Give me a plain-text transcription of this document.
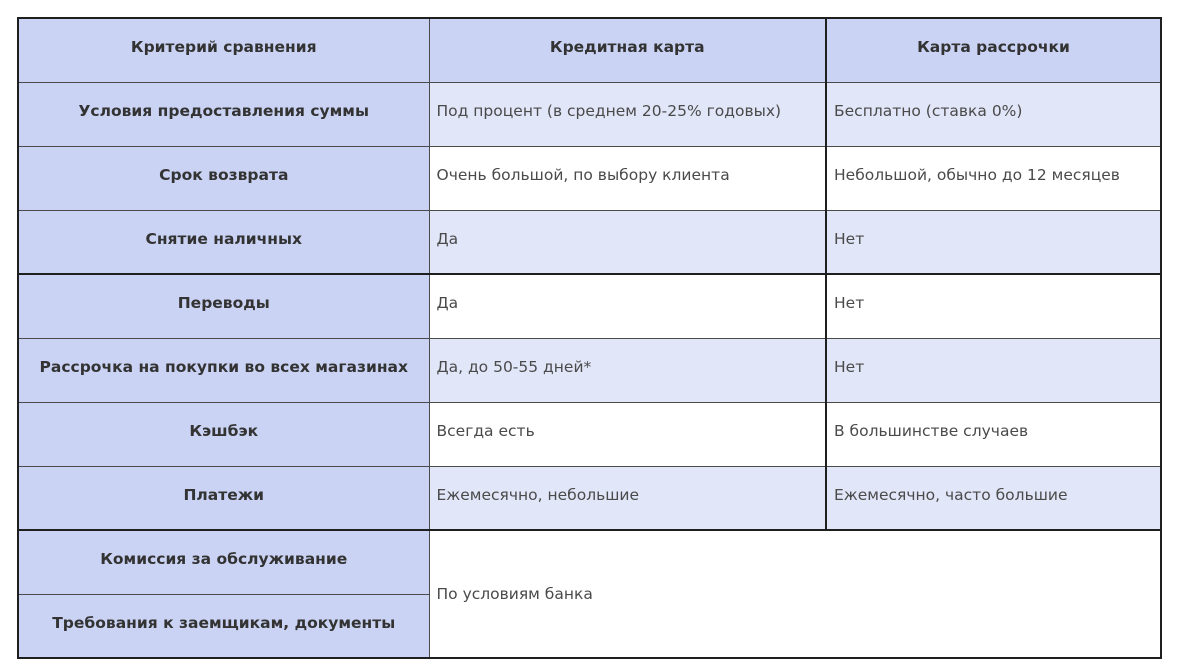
Критерий сравнения	Кредитная карта	Карта рассрочки
Условия предоставления суммы	Под процент (в среднем 20-25% годовых)	Бесплатно (ставка 0%)
Срок возврата	Очень большой, по выбору клиента	Небольшой, обычно до 12 месяцев
Снятие наличных	Да	Нет
Переводы	Да	Нет
Рассрочка на покупки во всех магазинах	Да, до 50-55 дней*	Нет
Кэшбэк	Всегда есть	В большинстве случаев
Платежи	Ежемесячно, небольшие	Ежемесячно, часто большие
Комиссия за обслуживание	По условиям банка	
Требования к заемщикам, документы		
